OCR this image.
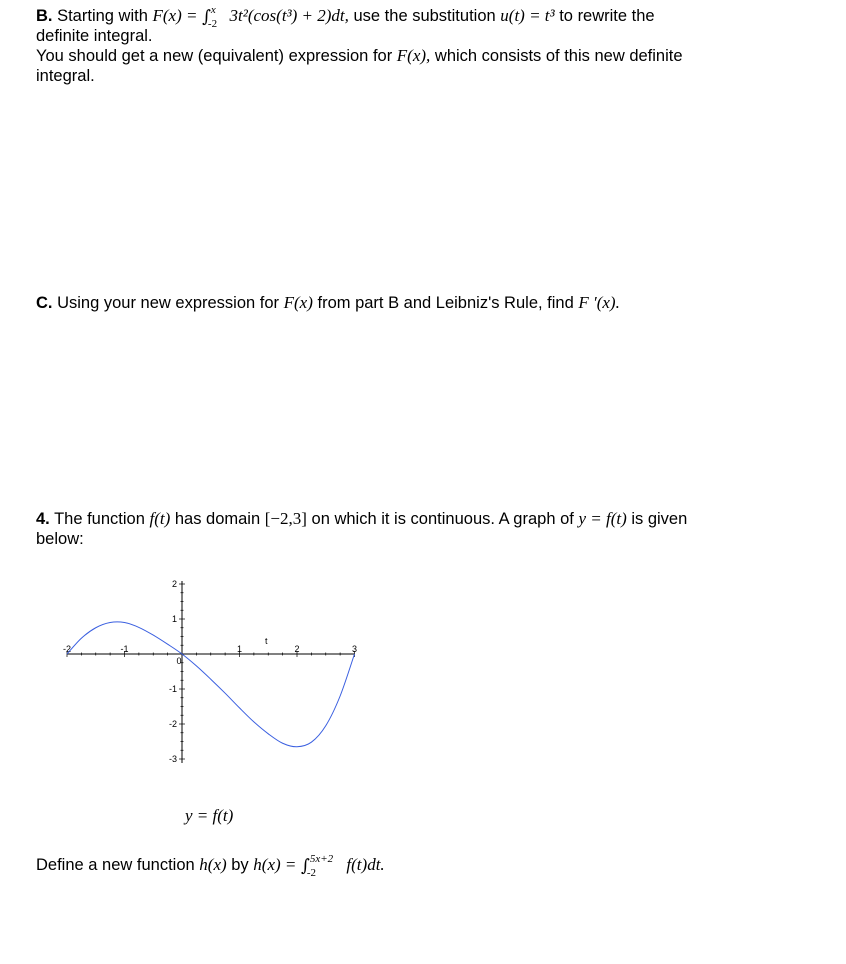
B. Starting with F(x) = ∫ x
-2 3t²(cos(t³) + 2)dt, use the substitution u(t) = t³ to rewrite the
definite integral.
You should get a new (equivalent) expression for F(x), which consists of this new definite
integral.
C. Using your new expression for F(x) from part B and Leibniz's Rule, find F ′(x).
4. The function f(t) has domain [−2,3] on which it is continuous. A graph of y = f(t) is given
below:
-2	-1
0
1	2	3
2
1
-1
-2
-3
t
y = f(t)
Define a new function h(x) by h(x) = ∫ 5x+2
-2 f(t)dt.
